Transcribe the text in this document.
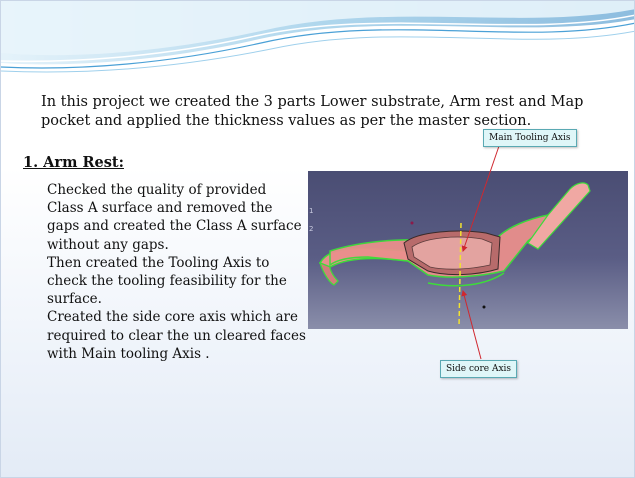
In this project we created the 3 parts Lower substrate, Arm rest and Map pocket and applied the thickness values as per the master section.
1. Arm Rest:

Checked the quality of provided Class A surface and removed the gaps and created the Class A surface without any gaps.

Then created the Tooling Axis to check the tooling feasibility for the surface.

Created the side core axis which are required to clear the un cleared faces with Main tooling Axis .

1
2
Main Tooling Axis
Side core Axis
